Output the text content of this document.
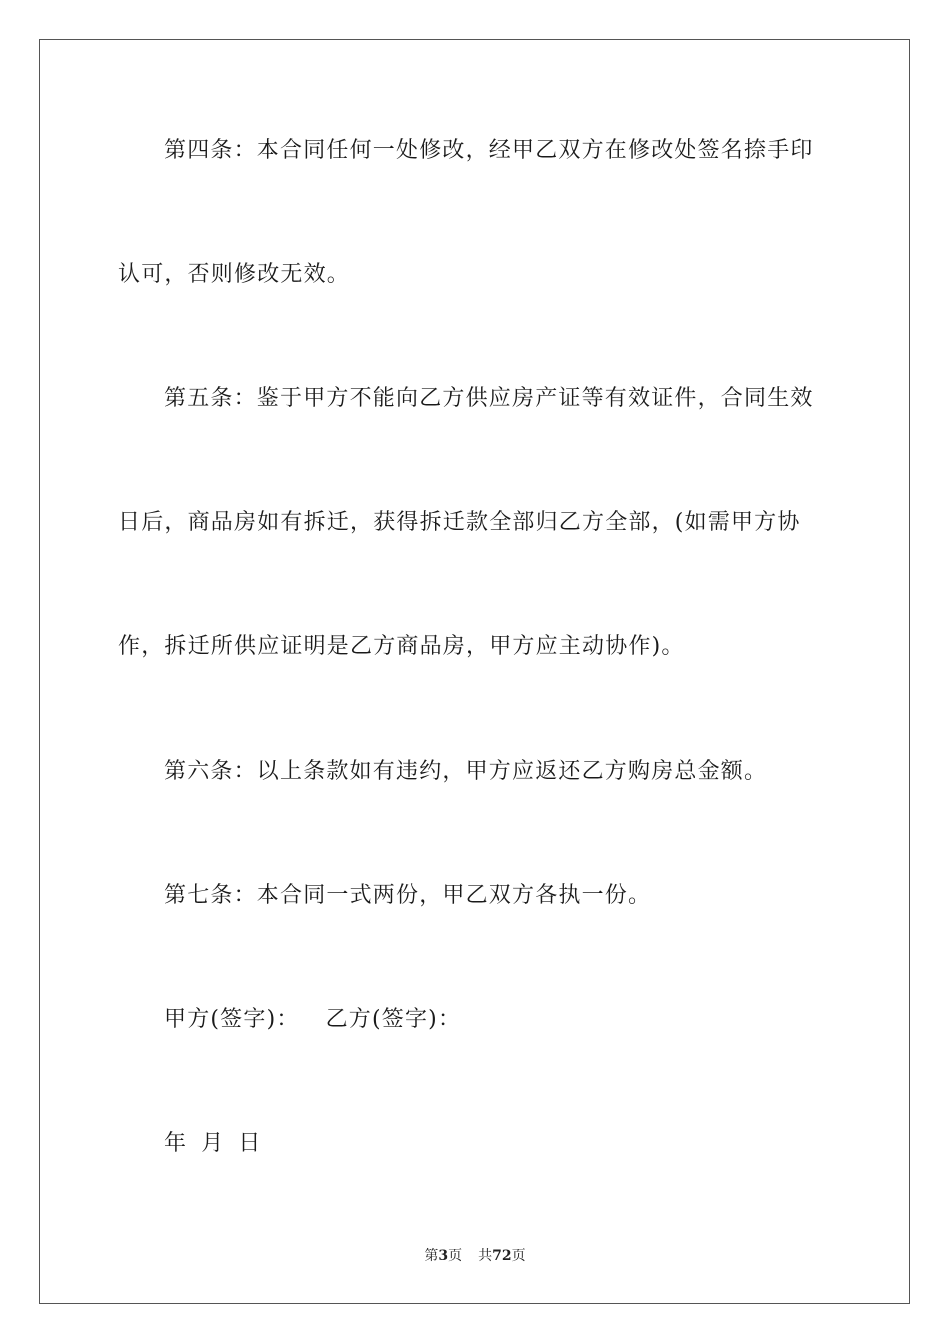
第四条：本合同任何一处修改，经甲乙双方在修改处签名捺手印
认可，否则修改无效。
第五条：鉴于甲方不能向乙方供应房产证等有效证件，合同生效
日后，商品房如有拆迁，获得拆迁款全部归乙方全部，(如需甲方协
作，拆迁所供应证明是乙方商品房，甲方应主动协作)。
第六条：以上条款如有违约，甲方应返还乙方购房总金额。
第七条：本合同一式两份，甲乙双方各执一份。
甲方(签字)： 乙方(签字)：
年 月 日
第3页 共72页
